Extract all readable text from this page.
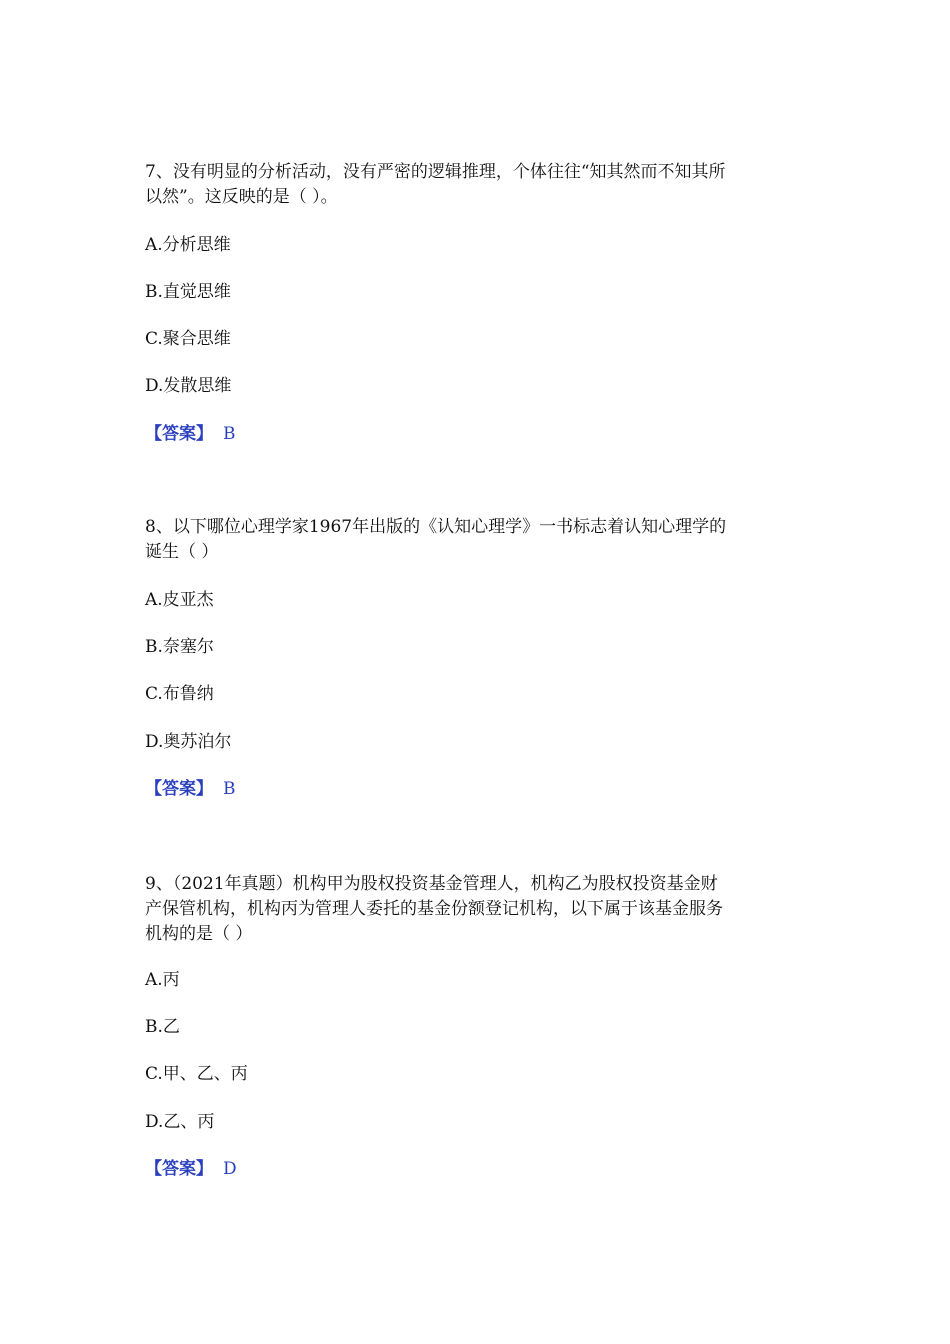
7、没有明显的分析活动，没有严密的逻辑推理，个体往往“知其然而不知其所
以然”。这反映的是（ ）。

A.分析思维

B.直觉思维

C.聚合思维

D.发散思维

【答案】 B

8、以下哪位心理学家1967年出版的《认知心理学》一书标志着认知心理学的
诞生（ ）

A.皮亚杰

B.奈塞尔

C.布鲁纳

D.奥苏泊尔

【答案】 B

9、（2021年真题）机构甲为股权投资基金管理人，机构乙为股权投资基金财
产保管机构，机构丙为管理人委托的基金份额登记机构，以下属于该基金服务
机构的是（ ）

A.丙

B.乙

C.甲、乙、丙

D.乙、丙

【答案】 D
